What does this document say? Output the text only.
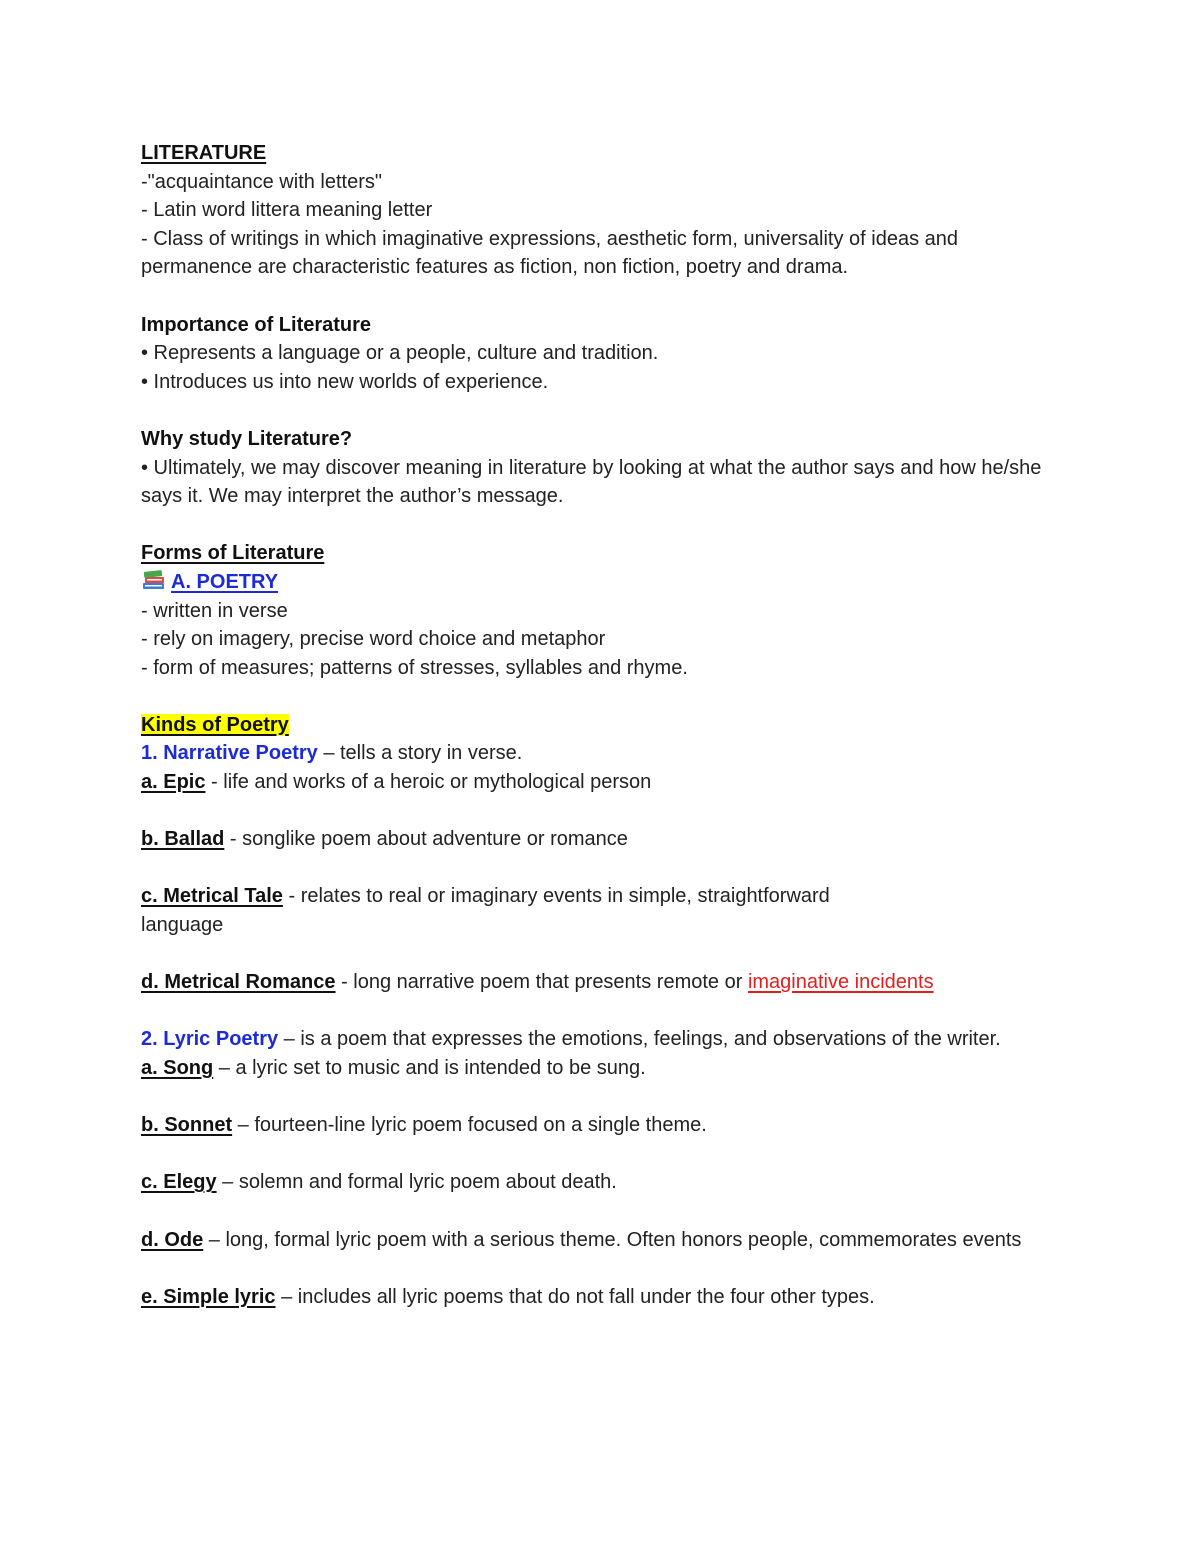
LITERATURE

-"acquaintance with letters"

- Latin word littera meaning letter

- Class of writings in which imaginative expressions, aesthetic form, universality of ideas and permanence are characteristic features as fiction, non fiction, poetry and drama.

Importance of Literature

• Represents a language or a people, culture and tradition.

• Introduces us into new worlds of experience.

Why study Literature?

• Ultimately, we may discover meaning in literature by looking at what the author says and how he/she says it. We may interpret the author’s message.

Forms of Literature

A. POETRY

- written in verse

- rely on imagery, precise word choice and metaphor

- form of measures; patterns of stresses, syllables and rhyme.

Kinds of Poetry

1. Narrative Poetry – tells a story in verse.

a. Epic - life and works of a heroic or mythological person

b. Ballad - songlike poem about adventure or romance

c. Metrical Tale - relates to real or imaginary events in simple, straightforward

language

d. Metrical Romance - long narrative poem that presents remote or imaginative incidents

2. Lyric Poetry – is a poem that expresses the emotions, feelings, and observations of the writer.

a. Song – a lyric set to music and is intended to be sung.

b. Sonnet – fourteen-line lyric poem focused on a single theme.

c. Elegy – solemn and formal lyric poem about death.

d. Ode – long, formal lyric poem with a serious theme. Often honors people, commemorates events

e. Simple lyric – includes all lyric poems that do not fall under the four other types.
